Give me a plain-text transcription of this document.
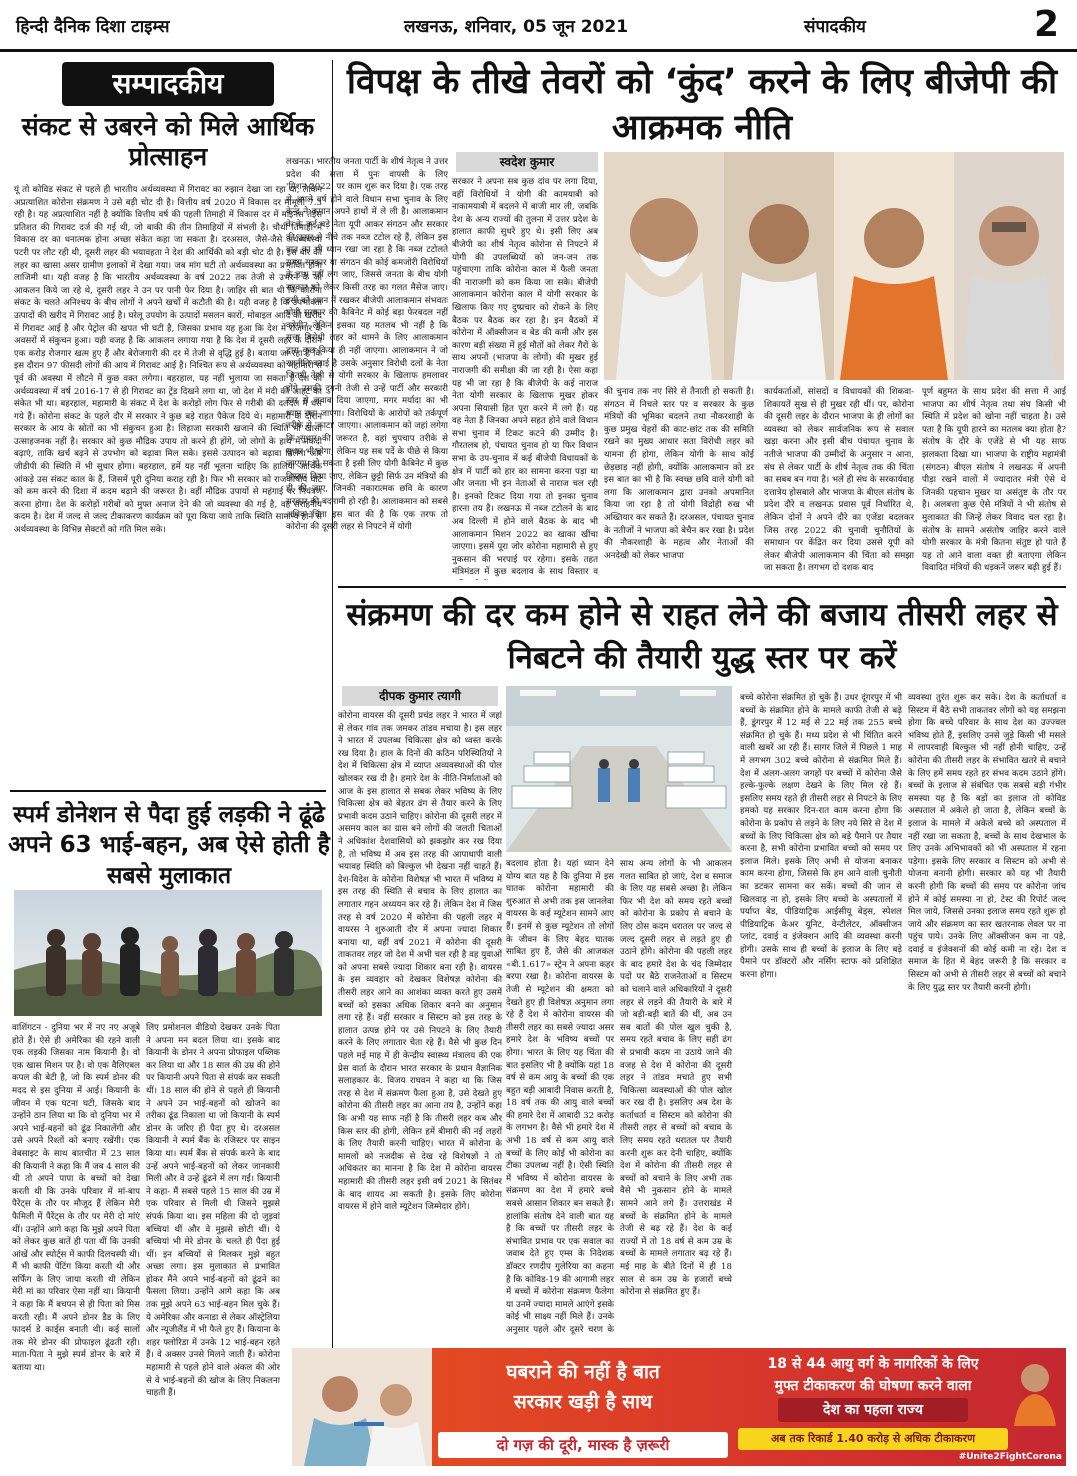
हिन्दी दैनिक दिशा टाइम्स	लखनऊ, शनिवार, 05 जून 2021	संपादकीय	2
सम्पादकीय
संकट से उबरने को मिले आर्थिक प्रोत्साहन
यूं तो कोविड संकट से पहले ही भारतीय अर्थव्यवस्था में गिरावट का रुझान देखा जा रहा था, लेकिन अप्रत्याशित कोरोना संक्रमण ने उसे बड़ी चोट दी है। वित्तीय वर्ष 2020 में विकास दर मामूली 7.3 रही है। यह अप्रत्याशित नहीं है क्योंकि वित्तीय वर्ष की पहली तिमाही में विकास दर में माइनस तेईस प्रतिशत की गिरावट दर्ज की गई थी, जो बाकी की तीन तिमाहियों में संभली है। चौथी तिमाही में विकास दर का धनात्मक होना अच्छा संकेत कहा जा सकता है। दरअसल, जैसे-जैसे अर्थव्यवस्था पटरी पर लौट रही थी, दूसरी लहर की भयावहता ने देश की आर्थिकी को बड़ी चोट दी है। इस बार की लहर का खासा असर ग्रामीण इलाकों में देखा गया। जब मांग घटी तो अर्थव्यवस्था का प्रभावित होना लाजिमी था। यही वजह है कि भारतीय अर्थव्यवस्था के वर्ष 2022 तक तेजी से उभरने के जो आकलन किये जा रहे थे, दूसरी लहर ने उन पर पानी फेर दिया है। जाहिर सी बात थी कि कोरोना संकट के चलते अनिश्चय के बीच लोगों ने अपने खर्चों में कटौती की है। यही वजह है कि उपभोक्ता उत्पादों की खरीद में गिरावट आई है। घरेलू उपयोग के उत्पादों मसलन कारों, मोबाइल आदि की खरीद में गिरावट आई है और पेट्रोल की खपत भी घटी है, जिसका प्रभाव यह हुआ कि देश में रोजगार के अवसरों में संकुचन हुआ। यही वजह है कि आकलन लगाया गया है कि देश में दूसरी लहर के दौरान एक करोड़ रोजगार खत्म हुए हैं और बेरोजगारी की दर में तेजी से वृद्धि हुई है। बताया जा रहा है कि इस दौरान 97 फीसदी लोगों की आय में गिरावट आई है। निश्चित रूप से अर्थव्यवस्था को महामारी से पूर्व की अवस्था में लौटने में कुछ वक्त लगेगा। बहरहाल, यह नहीं भुलाया जा सकता है देश की अर्थव्यवस्था में वर्ष 2016-17 से ही गिरावट का ट्रेंड दिखने लगा था, जो देश में मंदी की आहट का संकेत भी था। बहरहाल, महामारी के संकट में देश के करोड़ों लोग फिर से गरीबी की दलदल में धंस गये हैं। कोरोना संकट के पहले दौर में सरकार ने कुछ बड़े राहत पैकेज दिये थे। महामारी के दौरान सरकार के आय के स्रोतों का भी संकुचन हुआ है। लिहाजा सरकारी खजाने की स्थिति भी खासा उत्साहजनक नहीं है। सरकार को कुछ मौद्रिक उपाय तो करने ही होंगे, जो लोगों के हाथ में नकदी बढ़ाएं, ताकि खर्च बढ़ने से उपभोग को बढ़ावा मिल सके। इससे उत्पादन को बढ़ावा मिलेगा और जीडीपी की स्थिति में भी सुधार होगा। बहरहाल, हमें यह नहीं भूलना चाहिए कि हालिया आर्थिक आंकड़े उस संकट काल के हैं, जिसमें पूरी दुनिया कराह रही है। फिर भी सरकार को राजकोषीय घाटे को कम करने की दिशा में कदम बढ़ाने की जरूरत है। वहीं मौद्रिक उपायों से महंगाई पर नियंत्रण करना होगा। देश के करोड़ों गरीबों को मुफ्त अनाज देने की जो व्यवस्था की गई है, वह सराहनीय कदम है। देश में जल्द से जल्द टीकाकरण कार्यक्रम को पूरा किया जाये ताकि स्थिति सामान्य होने से अर्थव्यवस्था के विभिन्न सेक्टरों को गति मिल सके।
स्पर्म डोनेशन से पैदा हुई लड़की ने ढूंढे अपने 63 भाई-बहन, अब ऐसे होती है सबसे मुलाकात
वाशिंगटन - दुनिया भर में नए नए अजूबे होते हैं। ऐसे ही अमेरिका की रहने वाली एक लड़की जिसका नाम कियानी है। वो एक खास मिशन पर है। वो एक वैलिएबल कपल की बेटी है, जो कि स्पर्म डोनर की मदद से इस दुनिया में आई। कियानी के जीवन में एक घटना घटी, जिसके बाद उन्होंने ठान लिया था कि वो दुनिया भर में अपने भाई-बहनों को ढूंढ निकालेंगी और उसे अपने रिश्तों को बनाए रखेंगी। एक वेबसाइट के साथ बातचीत में 23 साल की कियानी ने कहा कि मैं जब 4 साल की थी तो अपने पापा के बच्चों को देखा करती थी कि उनके परिवार में मां-बाप पैरेंट्स के तौर पर मौजूद हैं लेकिन मेरी फैमिली में पैरेंट्स के तौर पर मेरी दो मांएं थीं। उन्होंने आगे कहा कि मुझे अपने पिता को लेकर कुछ बातें ही पता थीं कि उनकी आंखें और स्पोर्ट्स में काफी दिलचस्पी थी। मैं भी काफी पेंटिंग किया करती थी और सर्फिंग के लिए जाया करती थी लेकिन मेरी मां का परिवार ऐसा नहीं था। कियानी ने कहा कि मैं बचपन से ही पिता को मिस करती रही। मैं अपने डोनर डैड के लिए फादर्स डे कार्ड्स बनाती थी। कई सालों तक मेरे डोनर की प्रोफाइल ढूंढती रही। माता-पिता ने मुझे स्पर्म डोनर के बारे में बताया था।
लिए प्रमोशनल वीडियो देखकर उनके पिता ने अपना मन बदल लिया था। इसके बाद कियानी के डोनर ने अपना प्रोफाइल पब्लिक कर लिया था और 18 साल की उम्र की होने पर कियानी अपने पिता से संपर्क कर सकती थीं। 18 साल की होने से पहले ही कियानी ने अपने उन भाई-बहनों को खोजने का तरीका ढूंढ निकाला था जो कियानी के स्पर्म डोनर के जरिए ही पैदा हुए थे। दरअसल कियानी ने स्पर्म बैंक के रजिस्टर पर साइन किया था। स्पर्म बैंक से संपर्क करने के बाद उन्हें अपने भाई-बहनों को लेकर जानकारी मिली और वे उन्हें ढूंढने में लग गईं। कियानी ने कहा- मैं सबसे पहले 15 साल की उम्र में एक परिवार से मिली थी जिसने मुझसे संपर्क किया था। इस महिला की दो जुड़वां बच्चियां थीं और वे मुझसे छोटी थीं। ये बच्चियां भी मेरे डोनर के चलते ही पैदा हुई थीं। इन बच्चियों से मिलकर मुझे बहुत अच्छा लगा। इस मुलाकात से प्रभावित होकर मैंने अपने भाई-बहनों को ढूंढने का फैसला लिया। उन्होंने आगे कहा कि अब तक मुझे अपने 63 भाई-बहन मिल चुके हैं। ये अमेरिका और कनाडा से लेकर ऑस्ट्रेलिया और न्यूजीलैंड में भी फैले हुए हैं। कियाना के शहर फ्लोरिडा में उनके 12 भाई-बहन रहते हैं। वे अक्सर उनसे मिलने जाती हैं। कोरोना महामारी से पहले होने वाले अंकल की ओर से वे भाई-बहनों की खोज के लिए निकलना चाहती हैं।
विपक्ष के तीखे तेवरों को ‘कुंद’ करने के लिए बीजेपी की आक्रमक नीति
लखनऊ। भारतीय जनता पार्टी के शीर्ष नेतृत्व ने उत्तर प्रदेश की सत्ता में पुनः वापसी के लिए 'मिशन-2022' पर काम शुरू कर दिया है। एक तरह से अगले वर्ष होने वाले विधान सभा चुनाव के लिए केन्द्र ने कमान अपने हाथों में ले ली है। आलाकमान के के कई बड़े नेता यूपी आकर संगठन और सरकार की ऊपर से नीचे तक नब्ज टटोल रहे हैं, लेकिन इस बात का भी ध्यान रखा जा रहा है कि नब्ज टटोलते समय सरकार या संगठन की कोई कमजोरी विरोधियों के हाथ नहीं लग जाए, जिससे जनता के बीच योगी सरकार को लेकर किसी तरह का गलत मैसेज जाए। इसी को ध्यान में रखकर बीजेपी आलाकमान संभवतः योगी सरकार की कैबिनेट में कोई बड़ा फेरबदल नहीं करेगी? लेकिन इसका यह मतलब भी नहीं है कि सत्ता विरोधी लहर को थामने के लिए आलाकमान द्वारा कुछ किया ही नहीं जाएगा। आलाकमान ने जो रणनीति बनाई है उसके अनुसार विरोधी दलों के नेता जितनी तेजी से योगी सरकार के खिलाफ हमलावर होंगे उसकी दुगनी तेजी से उन्हें पार्टी और सरकारी स्तर से जवाब दिया जाएगा, मगर मर्यादा का भी ध्यान रखा जाएगा। विरोधियों के आरोपों को तर्कपूर्ण तरीके से 'काटा' जाएगा। आलाकमान को जहां लगेगा कि सुधार की जरूरत है, वहां चुपचाप तरीके से सुधार भी होगा, लेकिन यह सब पर्दे के पीछे से किया जाएगा। हो सकता है इसी लिए योगी कैबिनेट में कुछ विस्तार किया जाए, लेकिन छुट्टी सिर्फ उन मंत्रियों की ही की जाए, जिनकी नकारात्मक छवि के कारण सरकार की बदनामी हो रही है। आलाकमान को सबसे अधिक चिंता इस बात की है कि एक तरफ तो कोरोना की दूसरी लहर से निपटने में योगी
स्वदेश कुमार
सरकार ने अपना सब कुछ दांव पर लगा दिया, वहीं विरोधियों ने योगी की कामयाबी को नाकामयाबी में बदलने में बाजी मार ली, जबकि देश के अन्य राज्यों की तुलना में उत्तर प्रदेश के हालात काफी सुधरे हुए थे। इसी लिए अब बीजेपी का शीर्ष नेतृत्व कोरोना से निपटने में योगी की उपलब्धियों को जन-जन तक पहुंचाएगा ताकि कोरोना काल में फैली जनता की नाराजगी को कम किया जा सके। बीजेपी आलाकमान कोरोना काल में योगी सरकार के खिलाफ किए गए दुष्प्रचार को रोकने के लिए बैठक पर बैठक कर रहा है। इन बैठकों में कोरोना में ऑक्सीजन व बेड की कमी और इस कारण बड़ी संख्या में हुई मौतों को लेकर गैरों के साथ अपनों (भाजपा के लोगों) की मुखर हुई नाराजगी की समीक्षा की जा रही है। ऐसा कहा यह भी जा रहा है कि बीजेपी के कई नाराज नेता योगी सरकार के खिलाफ मुखर होकर अपना सियासी हित पूरा करने में लगे हैं। यह वह नेता हैं जिनका अपने सहत होने वाले विधान सभा चुनाव में टिकट कटने की उम्मीद है। गौरतलब हो, पंचायत चुनाव हो या फिर विधान सभा के उप-चुनाव में कई बीजेपी विधायकों के क्षेत्र में पार्टी को हार का सामना करना पड़ा था और जनता भी इन नेताओं से नाराज चल रही है। इनको टिकट दिया गया तो इनका चुनाव हारना तय है। लखनऊ में नब्ज टटोलने के बाद अब दिल्ली में होने वाले बैठक के बाद भी आलाकमान मिशन 2022 का खाका खींचा जाएगा। इसमें पूरा जोर कोरोना महामारी से हुए नुकसान की भरपाई पर रहेगा। इसके तहत मंत्रिमंडल में कुछ बदलाव के साथ विस्तार व
की चुनाव तक नए सिरे से तैनाती हो सकती है। संगठन में निचले स्तर पर व सरकार के कुछ मंत्रियों की भूमिका बदलने तथा नौकरशाही के कुछ प्रमुख चेहरों की काट-छांट तक की समिति रखने का मुख्य आधार सता विरोधी लहर को थामना ही होगा, लेकिन योगी के साथ कोई छेड़छाड़ नहीं होगी, क्योंकि आलाकमान को डर इस बात का भी है कि स्वच्छ छवि वाले योगी को लगा कि आलाकमान द्वारा उनको अपमानित किया जा रहा है तो योगी विद्रोही रुख भी अख्तियार कर सकते हैं। दरअसल, पंचायत चुनाव के नतीजों ने भाजपा को बेचैन कर रखा है। प्रदेश की नौकरशाही के महत्व और नेताओं की अनदेखी को लेकर भाजपा
कार्यकर्ताओं, सांसदों व विधायकों की शिकवा-शिकायतें सुख से ही मुखर रही थीं। पर, कोरोना की दूसरी लहर के दौरान भाजपा के ही लोगों का व्यवस्था को लेकर सार्वजनिक रूप से सवाल खड़ा करना और इसी बीच पंचायत चुनाव के नतीजे भाजपा की उम्मीदों के अनुसार न आना, संघ से लेकर पार्टी के शीर्ष नेतृत्व तक की चिंता का सबब बन गया है। भले ही संघ के सरकार्यवाह दत्तात्रेय होसबाले और भाजपा के बीएल संतोष के प्रदेश दौरे व लखनऊ प्रवास पूर्व निर्धारित थे, लेकिन दोनों ने अपने दौरे का एजेंडा बदलकर जिस तरह 2022 की चुनावी चुनौतियों के समाधान पर केंद्रित कर दिया उससे यूपी को लेकर बीजेपी आलाकमान की चिंता को समझा जा सकता है। लगभग दो दशक बाद
पूर्ण बहुमत के साथ प्रदेश की सत्ता में आई भाजपा का शीर्ष नेतृत्व तथा संघ किसी भी स्थिति में प्रदेश को खोना नहीं चाहता है। उसे पता है कि यूपी हारने का मतलब क्या होता है? संतोष के दौरे के एजेंडे से भी यह साफ झलकता दिखा था। भाजपा के राष्ट्रीय महामंत्री (संगठन) बीएल संतोष ने लखनऊ में अपनी पीड़ा रखने वालों में ज्यादातर मंत्री ऐसे थे जिनकी पहचान मुखर या असंतुष्ट के तौर पर है। अलबत्ता कुछ ऐसे मंत्रियों ने भी संतोष से मुलाकात की जिन्हें लेकर विवाद चल रहा है। संतोष के सामने असंतोष जाहिर करने वाले योगी सरकार के मंत्री कितना संतुष्ट हो पाते हैं यह तो आने वाला वक्त ही बताएगा लेकिन विवादित मंत्रियों की धड़कनें जरूर बढ़ी हुई हैं।
संक्रमण की दर कम होने से राहत लेने की बजाय तीसरी लहर से निबटने की तैयारी युद्ध स्तर पर करें
दीपक कुमार त्यागी
कोरोना वायरस की दूसरी प्रचंड लहर ने भारत में जहां से लेकर गांव तक जमकर तांडव मचाया है। इस लहर ने भारत में उपलब्ध चिकित्सा क्षेत्र को ध्वस्त करके रख दिया है। हाल के दिनों की कठिन परिस्थितियों ने देश में चिकित्सा क्षेत्र में व्याप्त अव्यवस्थाओं की पोल खोलकर रख दी है। हमारे देश के नीति-निर्माताओं को आज के इस हालात से सबक लेकर भविष्य के लिए चिकित्सा क्षेत्र को बेहतर ढंग से तैयार करने के लिए प्रभावी कदम उठाने चाहिए। कोरोना की दूसरी लहर में असमय काल का ग्रास बने लोगों की जलती चिताओं ने अधिकांश देशवासियों को झकझोर कर रख दिया है, तो भविष्य में अब इस तरह की आपाधापी वाली भयावह स्थिति को बिल्कुल भी देखना नहीं चाहते हैं। देश-विदेश के कोरोना विशेषज्ञ भी भारत में भविष्य में इस तरह की स्थिति से बचाव के लिए हालात का लगातार गहन अध्ययन कर रहे हैं। लेकिन देश में जिस तरह से वर्ष 2020 में कोरोना की पहली लहर में वायरस ने शुरुआती दौर में अपना ज्यादा शिकार बनाया था, वहीं वर्ष 2021 में कोरोना की दूसरी ताकतवर लहर जो देश में अभी चल रही है वह युवाओं को अपना सबसे ज्यादा शिकार बना रही है। वायरस के इस व्यवहार को देखकर विशेषज्ञ कोरोना की तीसरी लहर आने का आशंका व्यक्त करते हुए उसमें बच्चों को इसका अधिक शिकार बनने का अनुमान लगा रहे हैं। वहीं सरकार व सिस्टम को इस तरह के हालात उत्पन्न होने पर उसे निपटने के लिए तैयारी करने के लिए लगातार चेता रहे हैं। वैसे भी कुछ दिन पहले मई माह में ही केन्द्रीय स्वास्थ्य मंत्रालय की एक प्रेस वार्ता के दौरान भारत सरकार के प्रधान वैज्ञानिक सलाहकार के. विजय राघवन ने कहा था कि जिस तरह से देश में संक्रमण फैला हुआ है, उसे देखते हुए कोरोना की तीसरी लहर का आना तय है, उन्होंने कहा कि अभी यह साफ नहीं है कि तीसरी लहर कब और किस स्तर की होगी, लेकिन हमें बीमारी की नई लहरों के लिए तैयारी करनी चाहिए। भारत में कोरोना के मामलों को नजदीक से देख रहे विशेषज्ञों ने तो अधिकतर का मानना है कि देश में कोरोना वायरस महामारी की तीसरी लहर इसी वर्ष 2021 के सितंबर के बाद शायद आ सकती है। इसके लिए कोरोना वायरस में होने वाले म्यूटेशन जिम्मेदार होंगे।
बदलाव होता है। यहां ध्यान देने योग्य बात यह है कि दुनिया में इस घातक कोरोना महामारी की शुरुआत से अभी तक इस जानलेवा वायरस के कई म्यूटेशन सामने आए हैं। इनमें से कुछ म्यूटेशन तो लोगों के जीवन के लिए बेहद घातक साबित हुए हैं, जैसे की आजकल «बी.1.617» स्ट्रेन ने अपना कहर बरपा रखा है। कोरोना वायरस के तेजी से म्यूटेशन की क्षमता को देखते हुए ही विशेषज्ञ अनुमान लगा रहे हैं देश में कोरोना वायरस की तीसरी लहर का सबसे ज्यादा असर हमारे देश के भविष्य बच्चों पर होगा। भारत के लिए यह चिंता की बात इसलिए भी है क्योंकि यहां 18 वर्ष से कम आयु के बच्चों की एक बहुत बड़ी आबादी निवास करती है, 18 वर्ष तक की आयु वाले बच्चों की हमारे देश में आबादी 32 करोड़ के लगभग है। वैसे भी हमारे देश में अभी 18 वर्ष से कम आयु वाले बच्चों के लिए कोई भी कोरोना का टीका उपलब्ध नहीं है। ऐसी स्थिति में भविष्य में कोरोना वायरस के संक्रमण का देश में हमारे बच्चे सबसे आसान शिकार बन सकते हैं। हालांकि संतोष देने वाली बात यह है कि बच्चों पर तीसरी लहर के संभावित प्रभाव पर एक सवाल का जवाब देते हुए एम्स के निदेशक डॉक्टर रणदीप गुलेरिया का कहना है कि कोविड-19 की आगामी लहर में बच्चों में कोरोना संक्रमण फैलेगा या उनमें ज्यादा मामले आएंगे इसके कोई भी साक्ष्य नहीं मिले हैं। उनके अनुसार पहले और दूसरे चरण के
बच्चे कोरोना संक्रमित हो चुके हैं। उधर दूंगरपुर में भी बच्चों के संक्रमित होने के मामले काफी तेजी से बढ़े हैं, डूंगरपुर में 12 मई से 22 मई तक 255 बच्चे संक्रमित हो चुके हैं। मध्य प्रदेश से भी चिंतित करने वाली खबरें आ रही हैं। सागर जिले में पिछले 1 माह में लगभग 302 बच्चे कोरोना से संक्रमित मिले हैं। देश में अलग-अलग जगहों पर बच्चों में कोरोना जैसे हल्के-फुल्के लक्षण देखने के लिए मिल रहे हैं। इसलिए समय रहते ही तीसरी लहर से निपटने के लिए हमको यह सरकार दिन-रात काम करना होगा कि कोरोना के प्रकोप से लड़ने के लिए नये सिरे से देश में बच्चों के लिए चिकित्सा क्षेत्र को बड़े पैमाने पर तैयार करना है, सभी कोरोना प्रभावित बच्चों को समय पर इलाज मिले। इसके लिए अभी से योजना बनाकर काम करना होगा, जिससे कि हम आने वाली चुनौती का डटकर सामना कर सकें। बच्चों की जान से खिलवाड़ ना हो, इसके लिए बच्चों के अस्पतालों में पर्याप्त बेड, पीडियाट्रिक आईसीयू बेड्स, स्पेशल पीडियाट्रिक केअर यूनिट, वेन्टीलेटर, ऑक्सीजन प्लांट, दवाई व इंजेक्शन आदि की व्यवस्था करनी होगी। उसके साथ ही बच्चों के इलाज के लिए बड़े पैमाने पर डॉक्टरों और नर्सिंग स्टाफ को प्रशिक्षित करना होगा।
व्यवस्था तुरंत शुरू कर सके। देश के कर्ताधर्ता व सिस्टम में बैठे सभी ताकतवर लोगों को यह समझना होगा कि बच्चे परिवार के साथ देश का उज्ज्वल भविष्य होते हैं, इसलिए उनसे जुड़े किसी भी मसले में लापरवाही बिल्कुल भी नहीं होनी चाहिए, उन्हें कोरोना की तीसरी लहर के संभावित खतरे से बचाने के लिए हमें समय रहते हर संभव कदम उठाने होंगे। बच्चों के इलाज से संबंधित एक सबसे बड़ी गंभीर समस्या यह है कि बड़ों का इलाज तो कोविड अस्पताल में अकेले हो जाता है, लेकिन बच्चों के इलाज के मामले में अकेले बच्चे को अस्पताल में नहीं रखा जा सकता है, बच्चों के साथ देखभाल के लिए उनके अभिभावकों को भी अस्पताल में रहना पड़ेगा। इसके लिए सरकार व सिस्टम को अभी से योजना बनानी होगी। सरकार को यह भी तैयारी करनी होगी कि बच्चों की समय पर कोरोना जांच होने में कोई समस्या ना हो, टेस्ट की रिपोर्ट जल्द मिल जाये, जिससे उनका इलाज समय रहते शुरू हो जाये और संक्रमण का स्तर खतरनाक लेवल पर ना पहुंच पाये। उनके लिए ऑक्सीजन कम ना पड़े, दवाई व इंजेक्शनों की कोई कमी ना रहे। देश व समाज के हित में बेहद जरूरी है कि सरकार व सिस्टम को अभी से तीसरी लहर से बच्चों को बचाने के लिए युद्ध स्तर पर तैयारी करनी होगी।
घबराने की नहीं है बात
सरकार खड़ी है साथ
दो गज़ की दूरी, मास्क है ज़रूरी
18 से 44 आयु वर्ग के नागरिकों के लिए
मुफ्त टीकाकरण की घोषणा करने वाला
देश का पहला राज्य
अब तक रिकार्ड 1.40 करोड़ से अधिक टीकाकरण
#Unite2FightCorona
साथ अन्य लोगों के भी आकलन गलत साबित हो जाएं, देश व समाज के लिए यह सबसे अच्छा है। लेकिन फिर भी देश को समय रहते बच्चों को कोरोना के प्रकोप से बचाने के लिए ठोस कदम धरातल पर जल्द से जल्द दूसरी लहर से लड़ते हुए ही उठाने होंगे। कोरोना की पहली लहर के बाद हमारे देश के चंद जिम्मेदार पदों पर बैठे राजनेताओं व सिस्टम को चलाने वाले अधिकारियों ने दूसरी लहर से लड़ने की तैयारी के बारे में जो बड़ी-बड़ी बातें की थीं, अब उन सब बातों की पोल खुल चुकी है, समय रहते बचाव के लिए सही ढंग से प्रभावी कदम ना उठाये जाने की वजह से देश में कोरोना की दूसरी लहर ने तांडव मचाते हुए सभी चिकित्सा व्यवस्थाओं की पोल खोल कर रख दी है। इसलिए अब देश के कर्ताधर्ता व सिस्टम को कोरोना की तीसरी लहर से बच्चों को बचाव के लिए समय रहते धरातल पर तैयारी करनी शुरू कर देनी चाहिए, क्योंकि देश में कोरोना की तीसरी लहर से बच्चों को बचाने के लिए अभी तक वैसे भी नुकसान होने के मामले सामने आने लगे हैं। उत्तराखंड में बच्चों के संक्रमित होने के मामले तेजी से बढ़ रहे हैं। देश के कई राज्यों में तो 18 वर्ष से कम उम्र के बच्चों के मामले लगातार बढ़ रहे हैं। मई माह के बीते दिनों में ही 18 साल से कम उम्र के हजारों बच्चे कोरोना से संक्रमित हुए हैं।
